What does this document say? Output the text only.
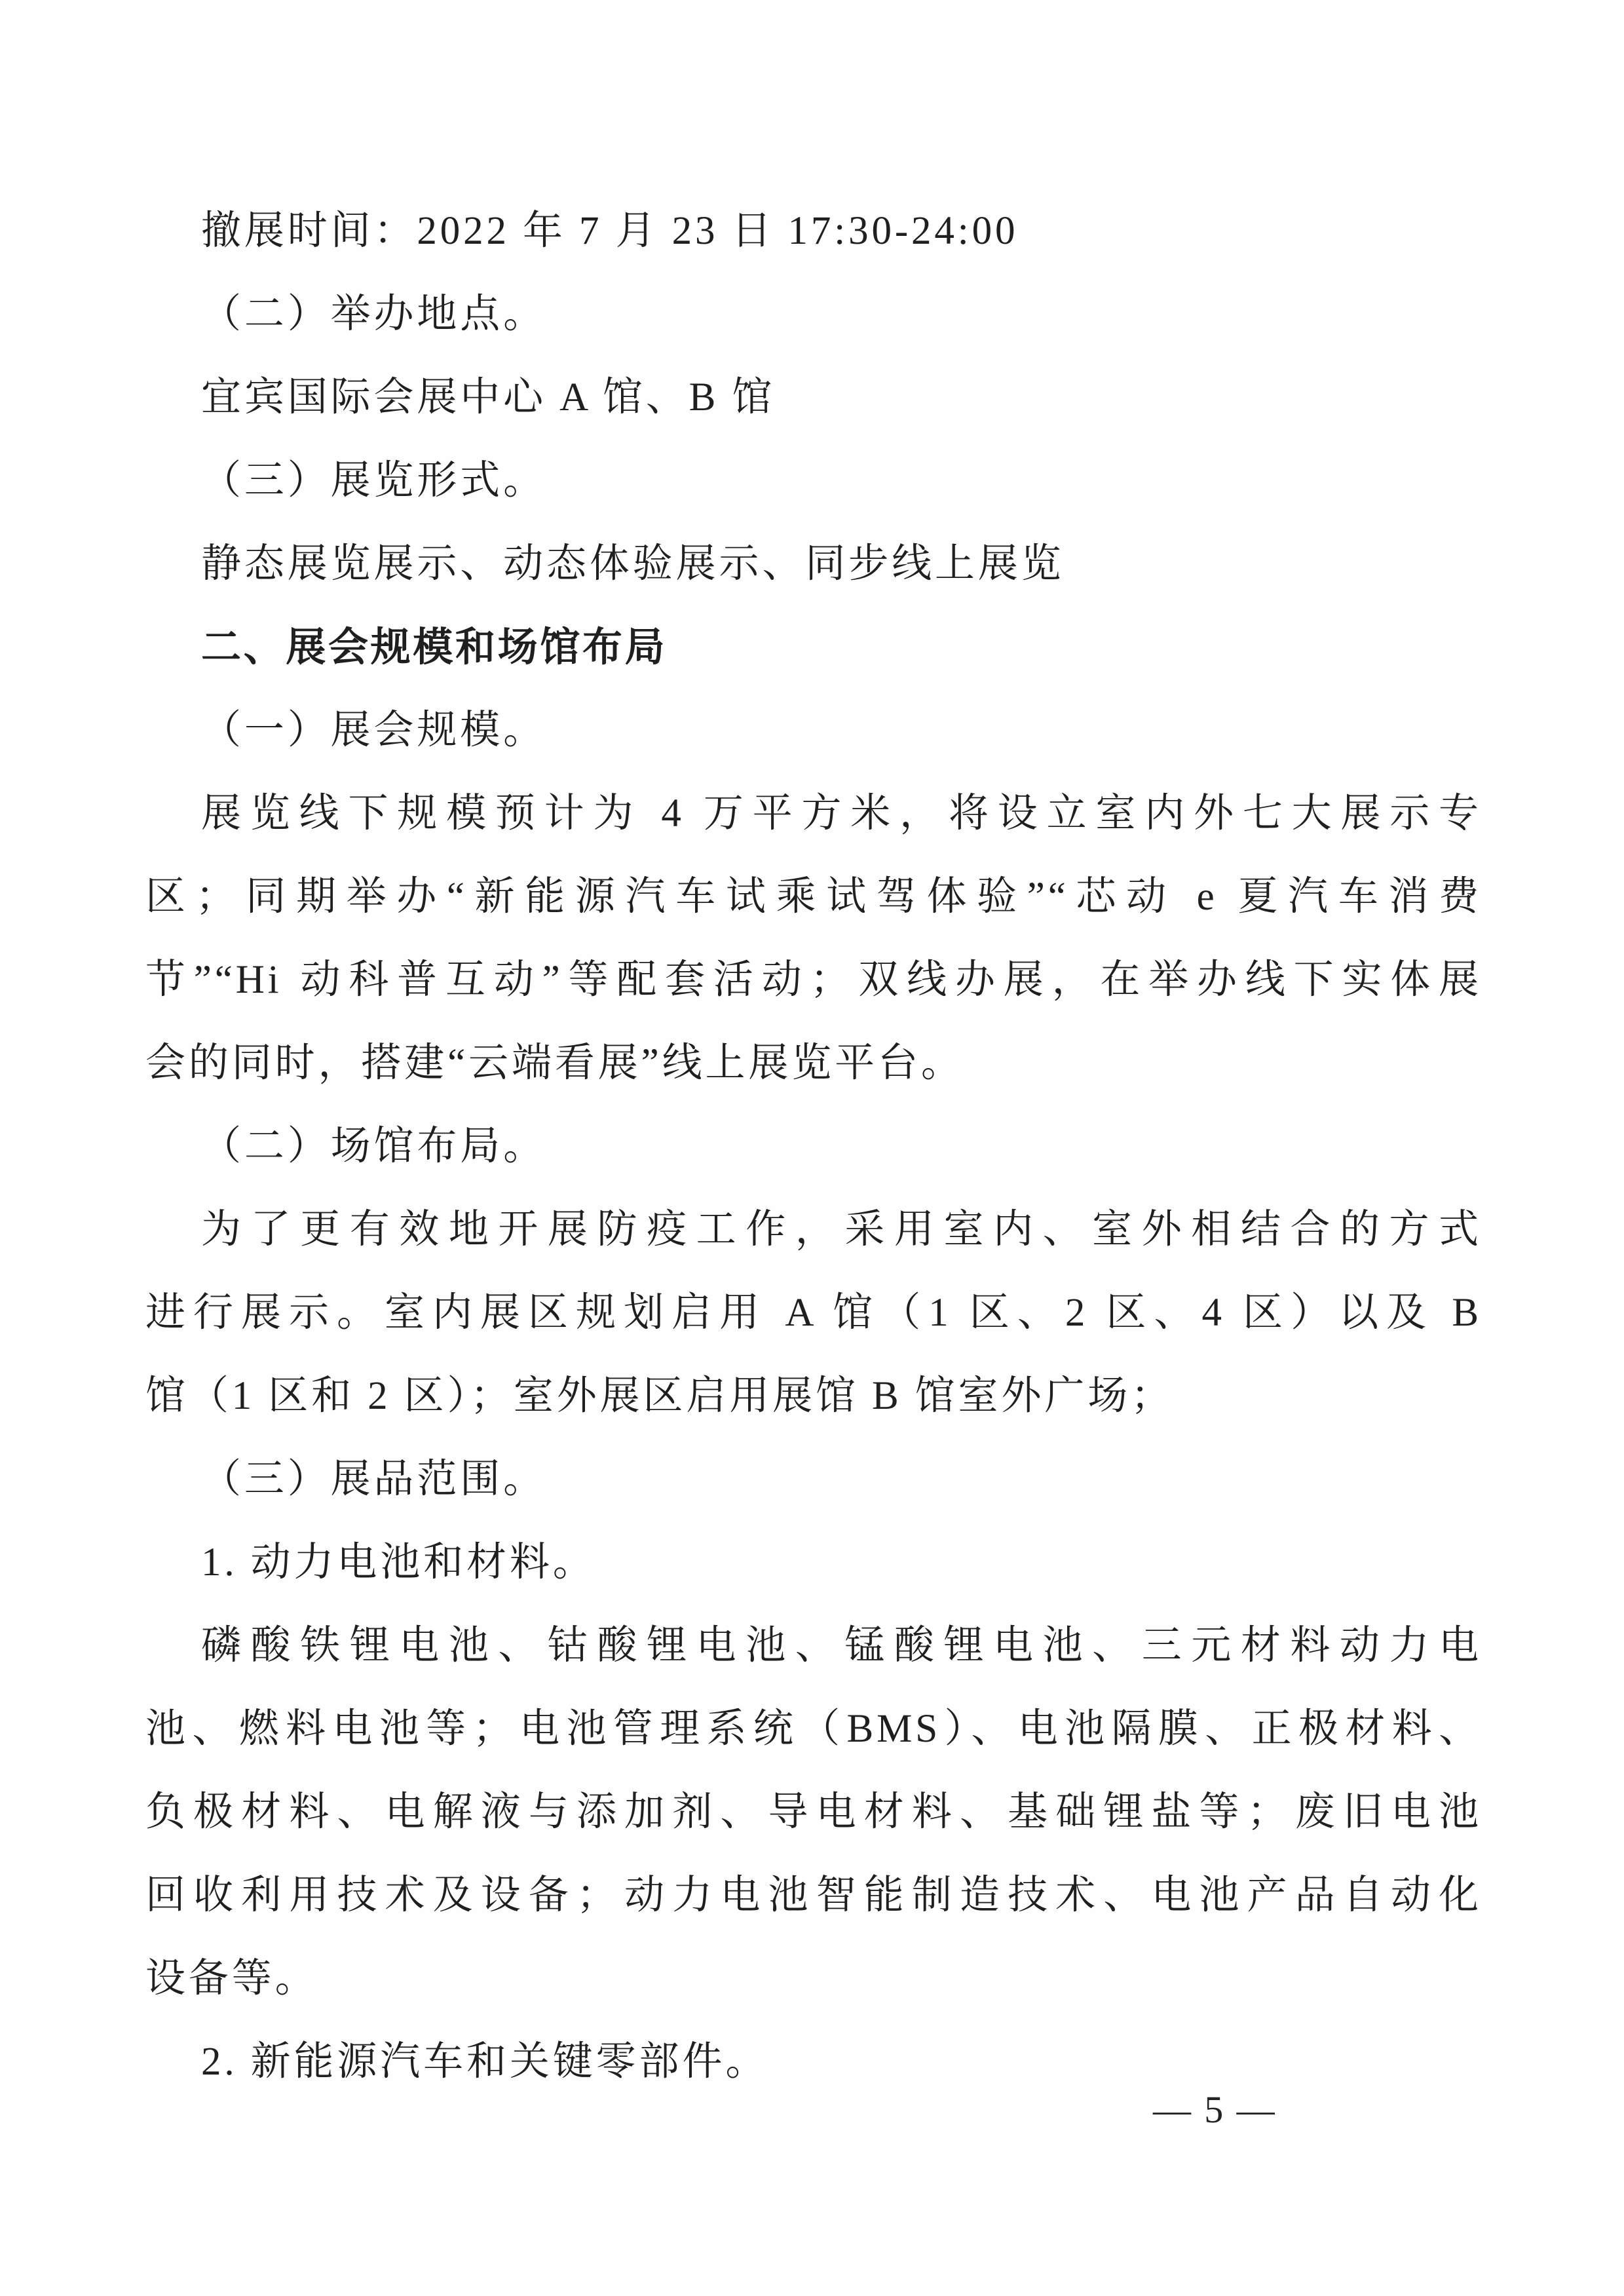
撤展时间：2022 年 7 月 23 日 17:30-24:00
（二）举办地点。
宜宾国际会展中心 A 馆、B 馆
（三）展览形式。
静态展览展示、动态体验展示、同步线上展览
二、展会规模和场馆布局
（一）展会规模。
展览线下规模预计为 4 万平方米，将设立室内外七大展示专
区；同期举办“新能源汽车试乘试驾体验”“芯动 e 夏汽车消费
节”“Hi 动科普互动”等配套活动；双线办展，在举办线下实体展
会的同时，搭建“云端看展”线上展览平台。
（二）场馆布局。
为了更有效地开展防疫工作，采用室内、室外相结合的方式
进行展示。室内展区规划启用 A 馆（1 区、2 区、4 区）以及 B
馆（1 区和 2 区）；室外展区启用展馆 B 馆室外广场；
（三）展品范围。
1. 动力电池和材料。
磷酸铁锂电池、钴酸锂电池、锰酸锂电池、三元材料动力电
池、燃料电池等；电池管理系统（BMS）、电池隔膜、正极材料、
负极材料、电解液与添加剂、导电材料、基础锂盐等；废旧电池
回收利用技术及设备；动力电池智能制造技术、电池产品自动化
设备等。
2. 新能源汽车和关键零部件。
— 5 —
